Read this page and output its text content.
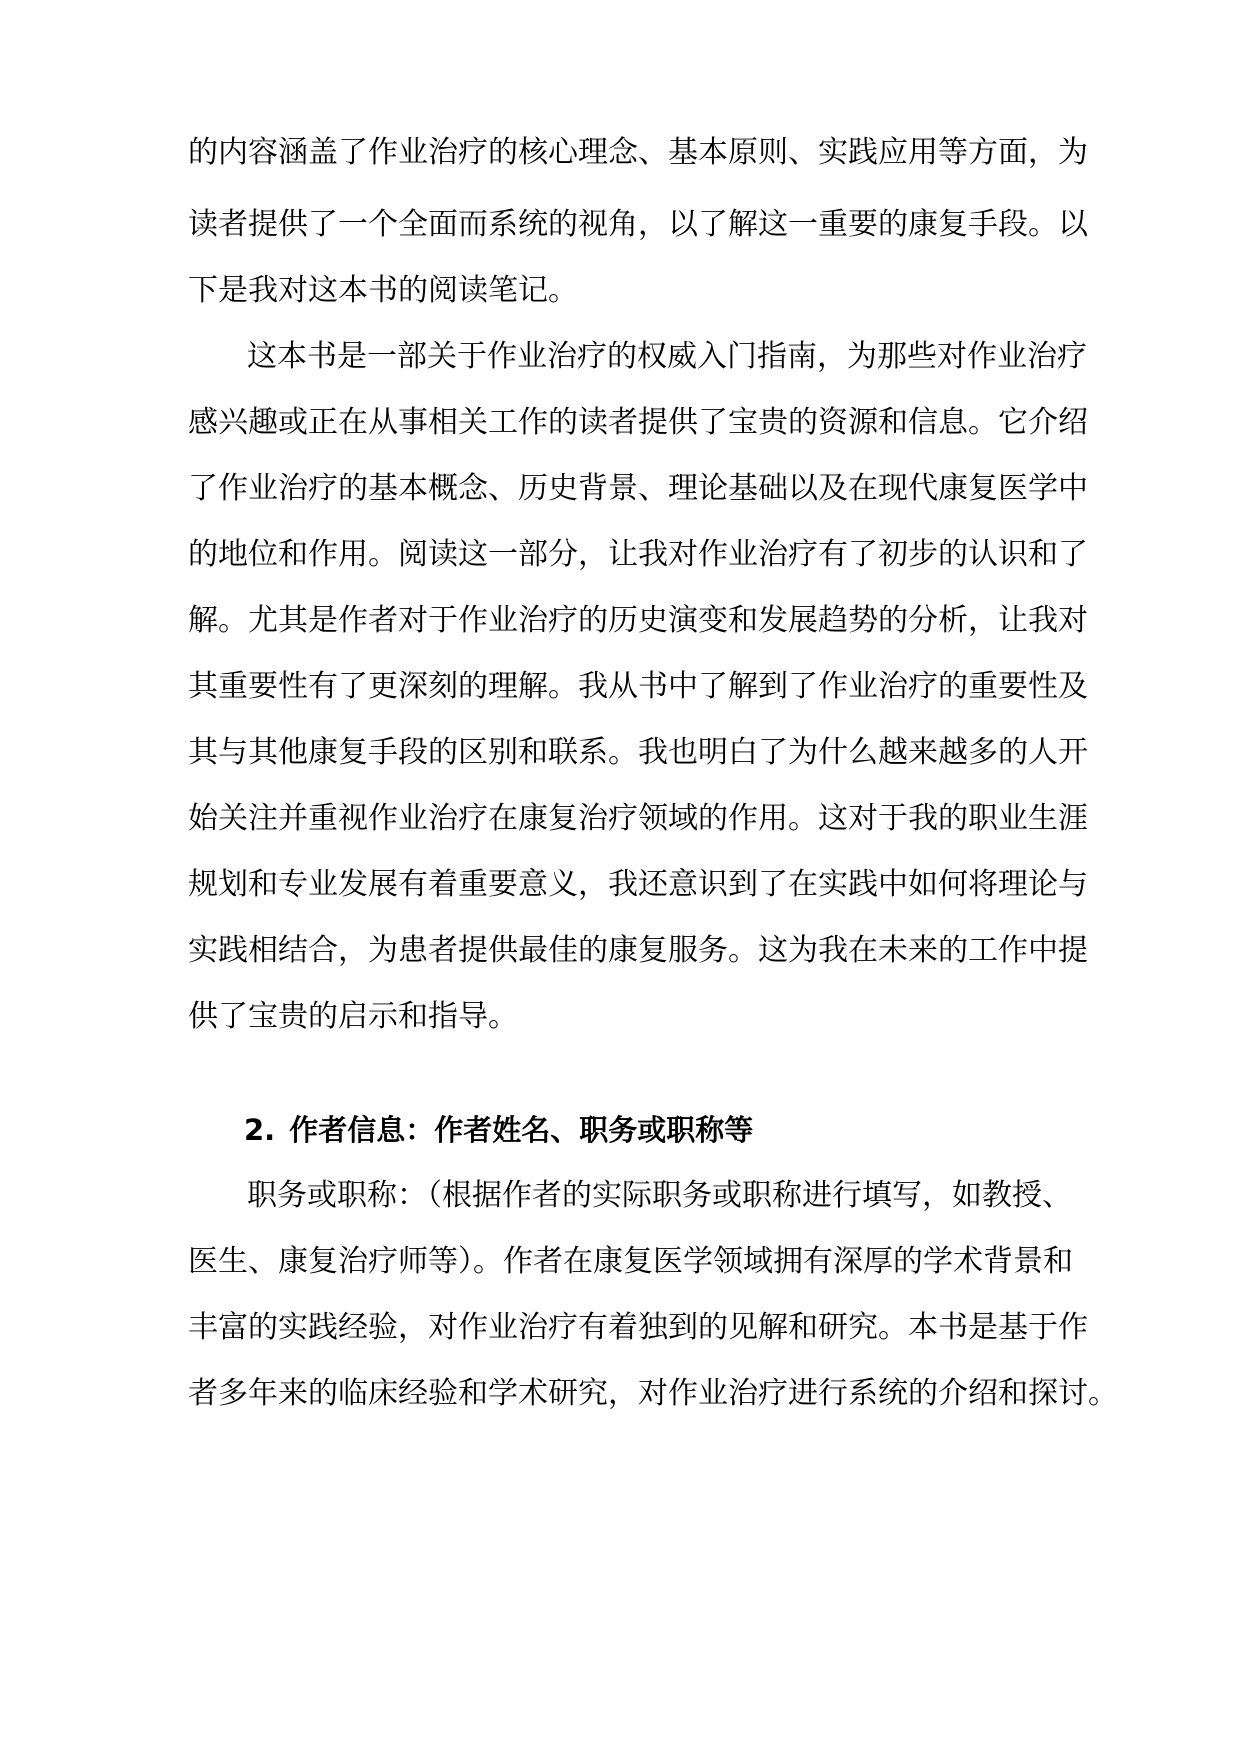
的内容涵盖了作业治疗的核心理念、基本原则、实践应用等方面，为
读者提供了一个全面而系统的视角，以了解这一重要的康复手段。以
下是我对这本书的阅读笔记。
这本书是一部关于作业治疗的权威入门指南，为那些对作业治疗
感兴趣或正在从事相关工作的读者提供了宝贵的资源和信息。它介绍
了作业治疗的基本概念、历史背景、理论基础以及在现代康复医学中
的地位和作用。阅读这一部分，让我对作业治疗有了初步的认识和了
解。尤其是作者对于作业治疗的历史演变和发展趋势的分析，让我对
其重要性有了更深刻的理解。我从书中了解到了作业治疗的重要性及
其与其他康复手段的区别和联系。我也明白了为什么越来越多的人开
始关注并重视作业治疗在康复治疗领域的作用。这对于我的职业生涯
规划和专业发展有着重要意义，我还意识到了在实践中如何将理论与
实践相结合，为患者提供最佳的康复服务。这为我在未来的工作中提
供了宝贵的启示和指导。
2. 作者信息：作者姓名、职务或职称等
职务或职称：（根据作者的实际职务或职称进行填写，如教授、
医生、康复治疗师等）。作者在康复医学领域拥有深厚的学术背景和
丰富的实践经验，对作业治疗有着独到的见解和研究。本书是基于作
者多年来的临床经验和学术研究，对作业治疗进行系统的介绍和探讨。
